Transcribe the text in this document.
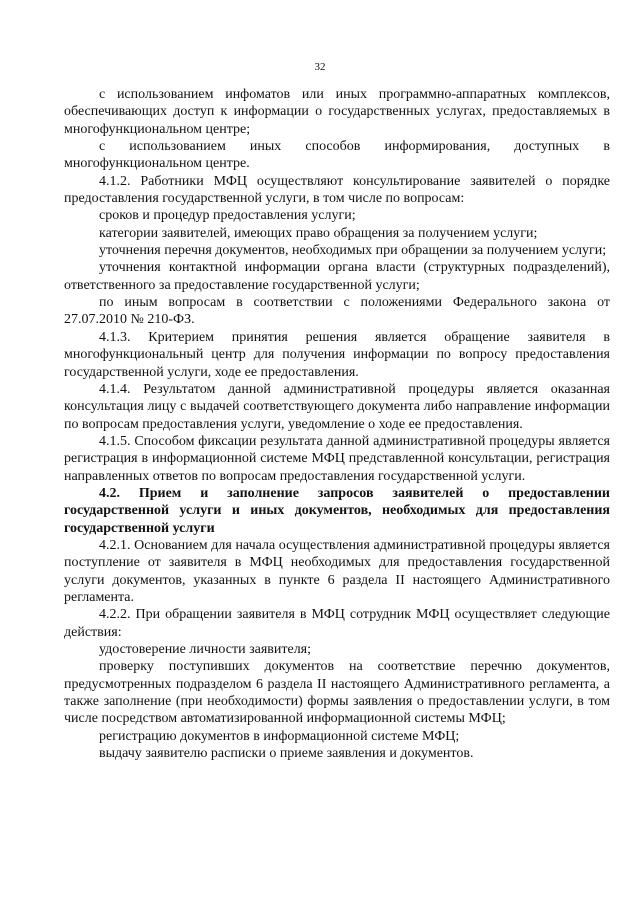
32

с использованием инфоматов или иных программно-аппаратных комплексов, обеспечивающих доступ к информации о государственных услугах, предоставляемых в многофункциональном центре;

с использованием иных способов информирования, доступных в многофункциональном центре.

4.1.2. Работники МФЦ осуществляют консультирование заявителей о порядке предоставления государственной услуги, в том числе по вопросам:

сроков и процедур предоставления услуги;

категории заявителей, имеющих право обращения за получением услуги;

уточнения перечня документов, необходимых при обращении за получением услуги;

уточнения контактной информации органа власти (структурных подразделений), ответственного за предоставление государственной услуги;

по иным вопросам в соответствии с положениями Федерального закона от 27.07.2010 № 210-ФЗ.

4.1.3. Критерием принятия решения является обращение заявителя в многофункциональный центр для получения информации по вопросу предоставления государственной услуги, ходе ее предоставления.

4.1.4. Результатом данной административной процедуры является оказанная консультация лицу с выдачей соответствующего документа либо направление информации по вопросам предоставления услуги, уведомление о ходе ее предоставления.

4.1.5. Способом фиксации результата данной административной процедуры является регистрация в информационной системе МФЦ представленной консультации, регистрация направленных ответов по вопросам предоставления государственной услуги.

4.2. Прием и заполнение запросов заявителей о предоставлении государственной услуги и иных документов, необходимых для предоставления государственной услуги

4.2.1. Основанием для начала осуществления административной процедуры является поступление от заявителя в МФЦ необходимых для предоставления государственной услуги документов, указанных в пункте 6 раздела II настоящего Административного регламента.

4.2.2. При обращении заявителя в МФЦ сотрудник МФЦ осуществляет следующие действия:

удостоверение личности заявителя;

проверку поступивших документов на соответствие перечню документов, предусмотренных подразделом 6 раздела II настоящего Административного регламента, а также заполнение (при необходимости) формы заявления о предоставлении услуги, в том числе посредством автоматизированной информационной системы МФЦ;

регистрацию документов в информационной системе МФЦ;

выдачу заявителю расписки о приеме заявления и документов.
